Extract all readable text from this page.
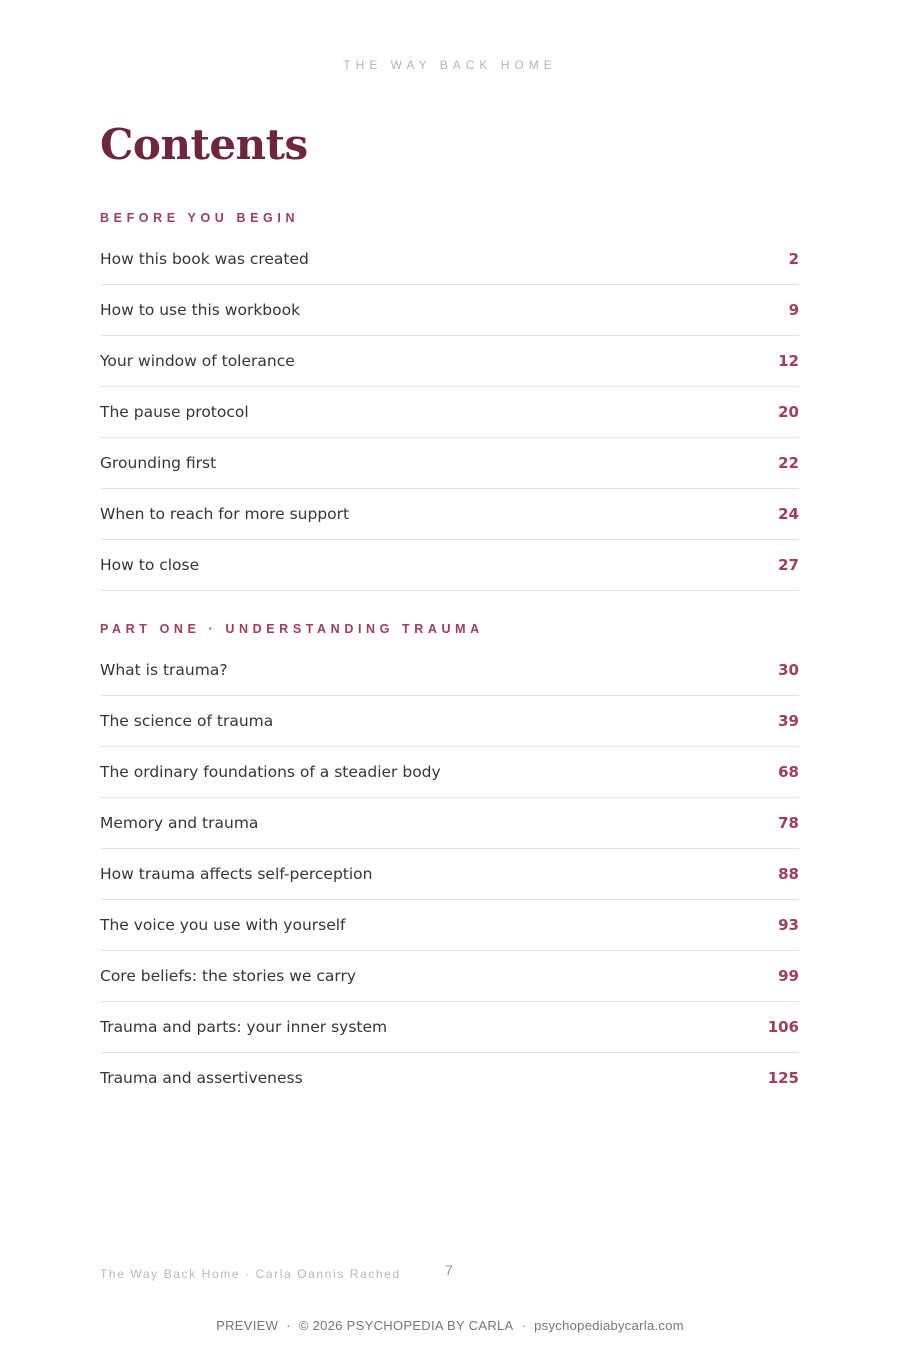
THE WAY BACK HOME
Contents
BEFORE YOU BEGIN
How this book was created	2
How to use this workbook	9
Your window of tolerance	12
The pause protocol	20
Grounding first	22
When to reach for more support	24
How to close	27
PART ONE · UNDERSTANDING TRAUMA
What is trauma?	30
The science of trauma	39
The ordinary foundations of a steadier body	68
Memory and trauma	78
How trauma affects self-perception	88
The voice you use with yourself	93
Core beliefs: the stories we carry	99
Trauma and parts: your inner system	106
Trauma and assertiveness	125
The Way Back Home · Carla Oannis Rached	7
PREVIEW · © 2026 PSYCHOPEDIA BY CARLA · psychopediabycarla.com
